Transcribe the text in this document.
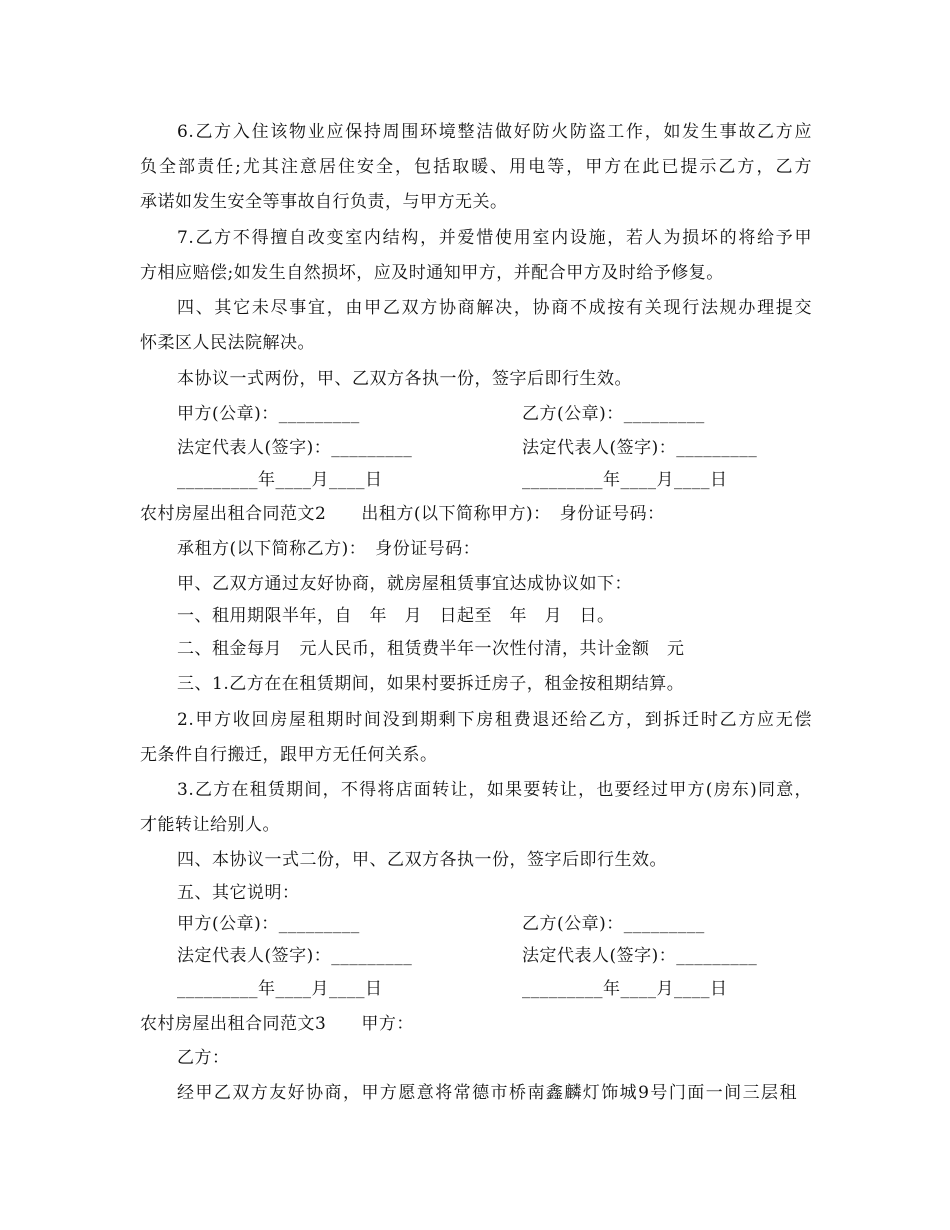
6.乙方入住该物业应保持周围环境整洁做好防火防盗工作，如发生事故乙方应
负全部责任;尤其注意居住安全，包括取暖、用电等，甲方在此已提示乙方，乙方
承诺如发生安全等事故自行负责，与甲方无关。
7.乙方不得擅自改变室内结构，并爱惜使用室内设施，若人为损坏的将给予甲
方相应赔偿;如发生自然损坏，应及时通知甲方，并配合甲方及时给予修复。
四、其它未尽事宜，由甲乙双方协商解决，协商不成按有关现行法规办理提交
怀柔区人民法院解决。
本协议一式两份，甲、乙双方各执一份，签字后即行生效。
甲方(公章)：_________	乙方(公章)：_________
法定代表人(签字)：_________	法定代表人(签字)：_________
_________年____月____日	_________年____月____日
农村房屋出租合同范文2　　出租方(以下简称甲方)：　身份证号码：
承租方(以下简称乙方)：　身份证号码：
甲、乙双方通过友好协商，就房屋租赁事宜达成协议如下：
一、租用期限半年，自　年　月　日起至　年　月　日。
二、租金每月　元人民币，租赁费半年一次性付清，共计金额　元
三、1.乙方在在租赁期间，如果村要拆迁房子，租金按租期结算。
2.甲方收回房屋租期时间没到期剩下房租费退还给乙方，到拆迁时乙方应无偿
无条件自行搬迁，跟甲方无任何关系。
3.乙方在租赁期间，不得将店面转让，如果要转让，也要经过甲方(房东)同意，
才能转让给别人。
四、本协议一式二份，甲、乙双方各执一份，签字后即行生效。
五、其它说明：
甲方(公章)：_________	乙方(公章)：_________
法定代表人(签字)：_________	法定代表人(签字)：_________
_________年____月____日	_________年____月____日
农村房屋出租合同范文3　　甲方：
乙方：
经甲乙双方友好协商，甲方愿意将常德市桥南鑫麟灯饰城9号门面一间三层租
